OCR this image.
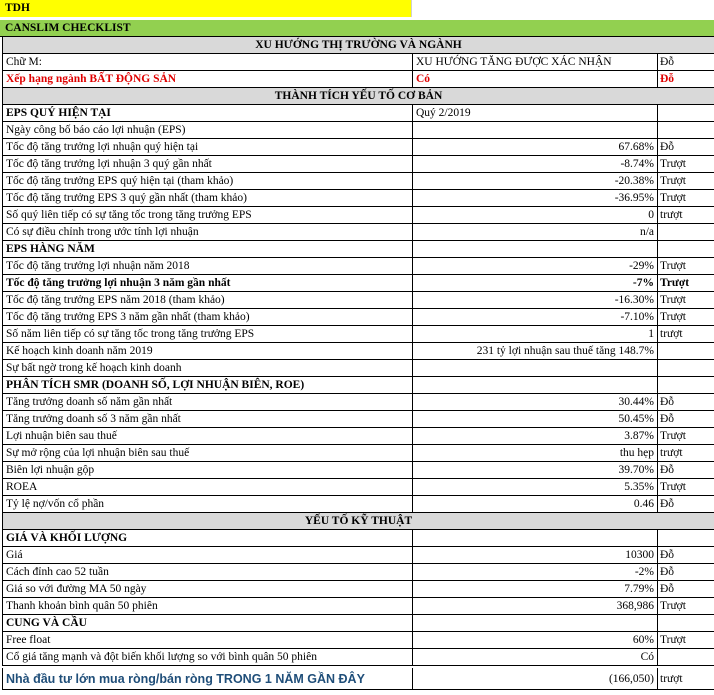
TDH
CANSLIM CHECKLIST
XU HƯỚNG THỊ TRƯỜNG VÀ NGÀNH
Chữ M:	XU HƯỚNG TĂNG ĐƯỢC XÁC NHẬN	Đỗ
Xếp hạng ngành BẤT ĐỘNG SẢN	Có	Đỗ
THÀNH TÍCH YẾU TỐ CƠ BẢN
EPS QUÝ HIỆN TẠI	Quý 2/2019
Ngày công bố báo cáo lợi nhuận (EPS)
Tốc độ tăng trưởng lợi nhuận quý hiện tại	67.68% Đỗ
Tốc độ tăng trưởng lợi nhuận 3 quý gần nhất	-8.74% Trượt
Tốc độ tăng trưởng EPS quý hiện tại (tham khảo)	-20.38% Trượt
Tốc độ tăng trưởng EPS 3 quý gần nhất (tham khảo)	-36.95% Trượt
Số quý liên tiếp có sự tăng tốc trong tăng trưởng EPS	0 trượt
Có sự điều chỉnh trong ước tính lợi nhuận	n/a
EPS HÀNG NĂM
Tốc độ tăng trưởng lợi nhuận năm 2018	-29% Trượt
Tốc độ tăng trưởng lợi nhuận 3 năm gần nhất	-7% Trượt
Tốc độ tăng trưởng EPS năm 2018 (tham khảo)	-16.30% Trượt
Tốc độ tăng trưởng EPS 3 năm gần nhất (tham khảo)	-7.10% Trượt
Số năm liên tiếp có sự tăng tốc trong tăng trưởng EPS	1 trượt
Kế hoạch kinh doanh năm 2019	231 tỷ lợi nhuận sau thuế tăng 148.7%
Sự bất ngờ trong kế hoạch kinh doanh
PHÂN TÍCH SMR (DOANH SỐ, LỢI NHUẬN BIÊN, ROE)
Tăng trưởng doanh số năm gần nhất	30.44% Đỗ
Tăng trưởng doanh số 3 năm gần nhất	50.45% Đỗ
Lợi nhuận biên sau thuế	3.87% Trượt
Sự mở rộng của lợi nhuận biên sau thuế	thu hẹp trượt
Biên lợi nhuận gộp	39.70% Đỗ
ROEA	5.35% Trượt
Tỷ lệ nợ/vốn cổ phần	0.46 Đỗ
YẾU TỐ KỸ THUẬT
GIÁ VÀ KHỐI LƯỢNG
Giá	10300 Đỗ
Cách đỉnh cao 52 tuần	-2% Đỗ
Giá so với đường MA 50 ngày	7.79% Đỗ
Thanh khoản bình quân 50 phiên	368,986 Trượt
CUNG VÀ CẦU
Free float	60% Trượt
Cổ giá tăng mạnh và đột biến khối lượng so với bình quân 50 phiên	Có
Nhà đầu tư lớn mua ròng/bán ròng TRONG 1 NĂM GẦN ĐÂY	(166,050) trượt
